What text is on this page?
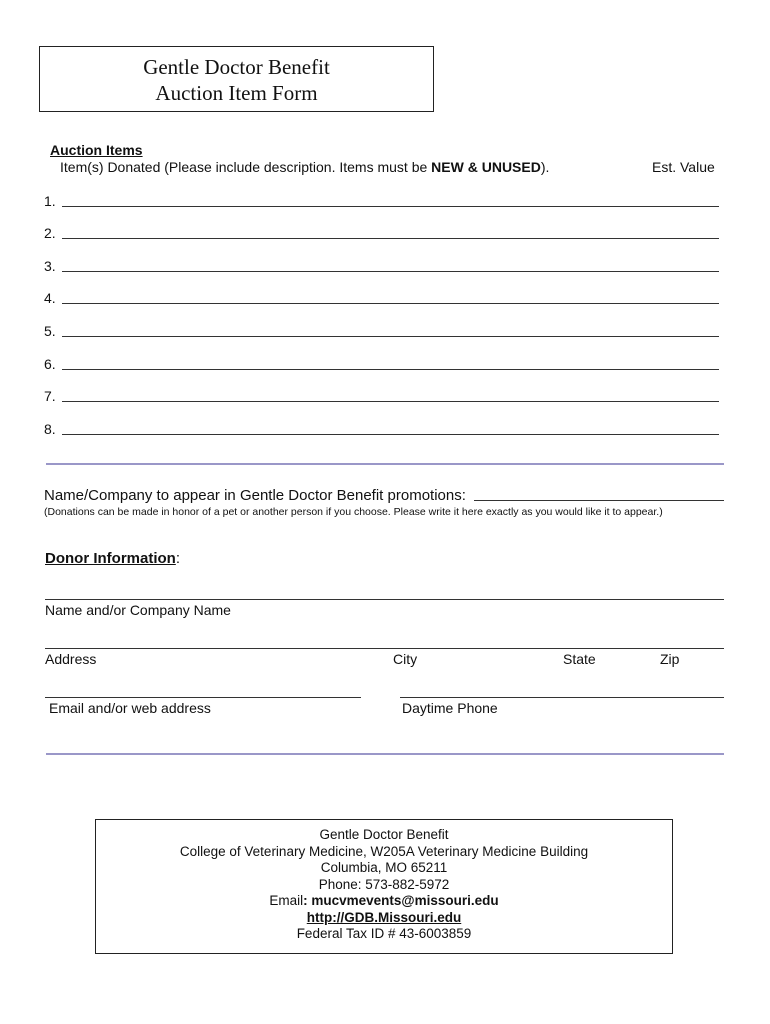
Gentle Doctor Benefit
Auction Item Form
Auction Items
Item(s) Donated (Please include description. Items must be NEW & UNUSED).	Est. Value
1.
2.
3.
4.
5.
6.
7.
8.
Name/Company to appear in Gentle Doctor Benefit promotions:
(Donations can be made in honor of a pet or another person if you choose. Please write it here exactly as you would like it to appear.)
Donor Information:
Name and/or Company Name
Address	City	State	Zip
Email and/or web address	Daytime Phone
Gentle Doctor Benefit
College of Veterinary Medicine, W205A Veterinary Medicine Building
Columbia, MO 65211
Phone: 573-882-5972
Email: mucvmevents@missouri.edu
http://GDB.Missouri.edu
Federal Tax ID # 43-6003859
